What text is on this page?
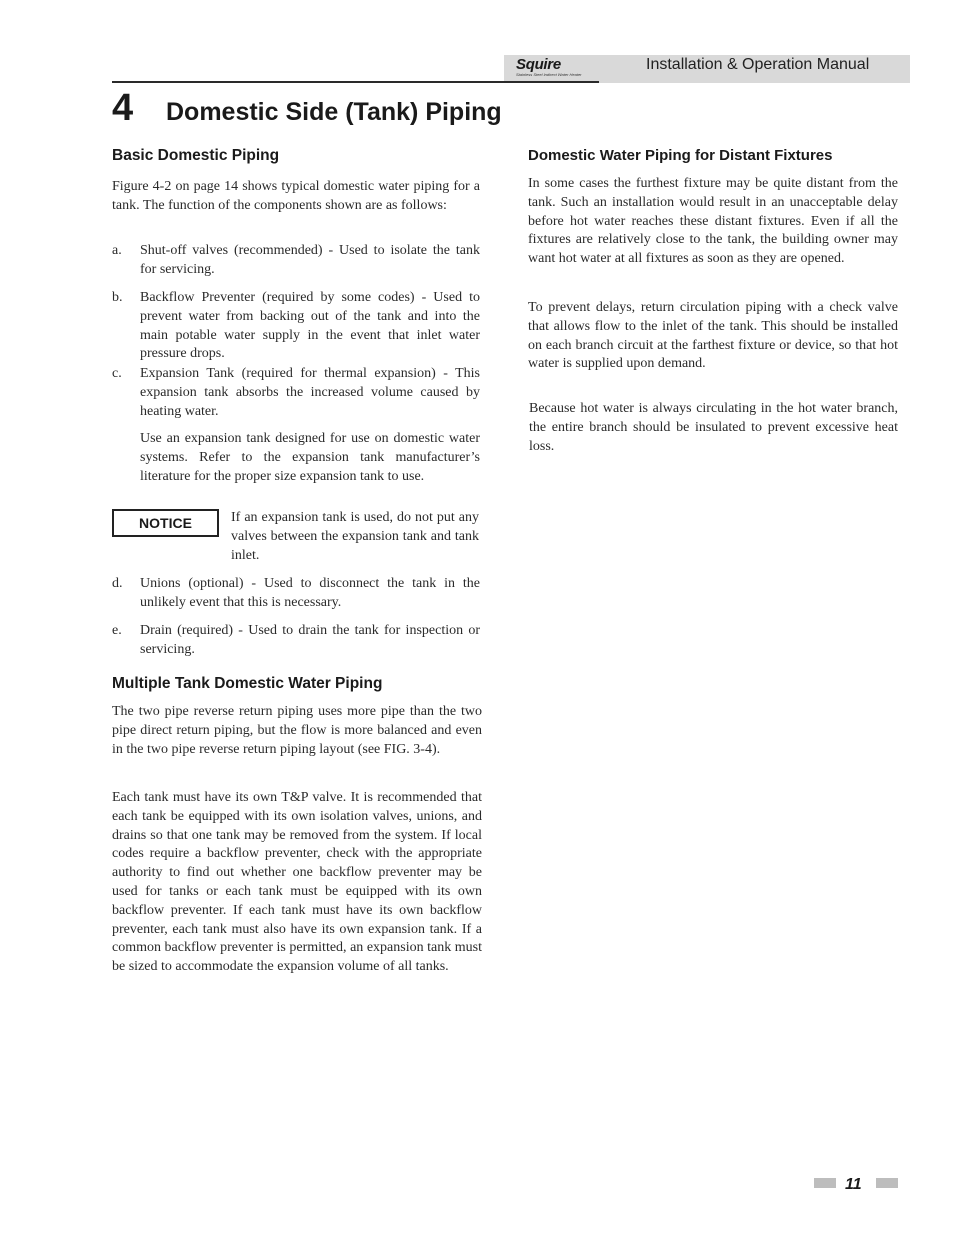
Squire
Stainless Steel Indirect Water Heater
Installation & Operation Manual
4 Domestic Side (Tank) Piping
Basic Domestic Piping

Figure 4-2 on page 14 shows typical domestic water piping for a tank. The function of the components shown are as follows:

a. Shut-off valves (recommended) - Used to isolate the tank for servicing.

b. Backflow Preventer (required by some codes) - Used to prevent water from backing out of the tank and into the main potable water supply in the event that inlet water pressure drops.

c. Expansion Tank (required for thermal expansion) - This expansion tank absorbs the increased volume caused by heating water.

Use an expansion tank designed for use on domestic water systems. Refer to the expansion tank manufacturer’s literature for the proper size expansion tank to use.

NOTICE	If an expansion tank is used, do not put any valves between the expansion tank and tank inlet.

d. Unions (optional) - Used to disconnect the tank in the unlikely event that this is necessary.

e. Drain (required) - Used to drain the tank for inspection or servicing.

Multiple Tank Domestic Water Piping

The two pipe reverse return piping uses more pipe than the two pipe direct return piping, but the flow is more balanced and even in the two pipe reverse return piping layout (see FIG. 3-4).

Each tank must have its own T&P valve. It is recommended that each tank be equipped with its own isolation valves, unions, and drains so that one tank may be removed from the system. If local codes require a backflow preventer, check with the appropriate authority to find out whether one backflow preventer may be used for tanks or each tank must be equipped with its own backflow preventer. If each tank must have its own backflow preventer, each tank must also have its own expansion tank. If a common backflow preventer is permitted, an expansion tank must be sized to accommodate the expansion volume of all tanks.

Domestic Water Piping for Distant Fixtures

In some cases the furthest fixture may be quite distant from the tank. Such an installation would result in an unacceptable delay before hot water reaches these distant fixtures. Even if all the fixtures are relatively close to the tank, the building owner may want hot water at all fixtures as soon as they are opened.

To prevent delays, return circulation piping with a check valve that allows flow to the inlet of the tank. This should be installed on each branch circuit at the farthest fixture or device, so that hot water is supplied upon demand.

Because hot water is always circulating in the hot water branch, the entire branch should be insulated to prevent excessive heat loss.

11
